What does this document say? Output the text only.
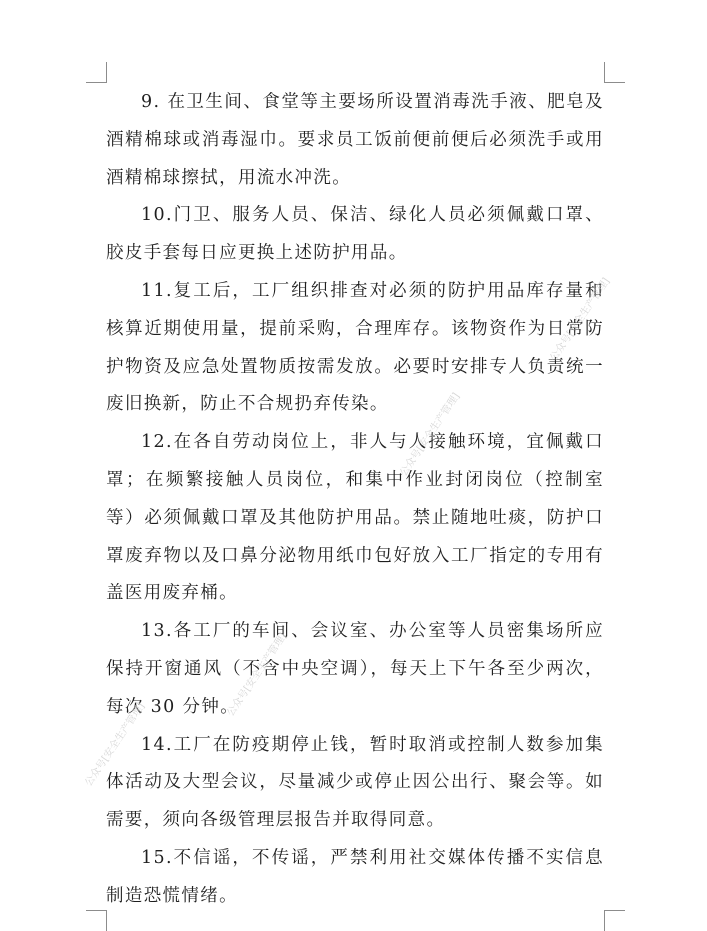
9. 在卫生间、食堂等主要场所设置消毒洗手液、肥皂及酒精棉球或消毒湿巾。要求员工饭前便前便后必须洗手或用酒精棉球擦拭，用流水冲洗。

10.门卫、服务人员、保洁、绿化人员必须佩戴口罩、胶皮手套每日应更换上述防护用品。

11.复工后，工厂组织排查对必须的防护用品库存量和核算近期使用量，提前采购，合理库存。该物资作为日常防护物资及应急处置物质按需发放。必要时安排专人负责统一废旧换新，防止不合规扔弃传染。

12.在各自劳动岗位上，非人与人接触环境，宜佩戴口罩；在频繁接触人员岗位，和集中作业封闭岗位（控制室等）必须佩戴口罩及其他防护用品。禁止随地吐痰，防护口罩废弃物以及口鼻分泌物用纸巾包好放入工厂指定的专用有盖医用废弃桶。

13.各工厂的车间、会议室、办公室等人员密集场所应保持开窗通风（不含中央空调），每天上下午各至少两次，每次 30 分钟。

14.工厂在防疫期停止钱，暂时取消或控制人数参加集体活动及大型会议，尽量减少或停止因公出行、聚会等。如需要，须向各级管理层报告并取得同意。

15.不信谣，不传谣，严禁利用社交媒体传播不实信息制造恐慌情绪。

公众号[安全生产管理]
公众号[安全生产管理]
公众号[安全生产管理]
公众号[安全生产管理]
